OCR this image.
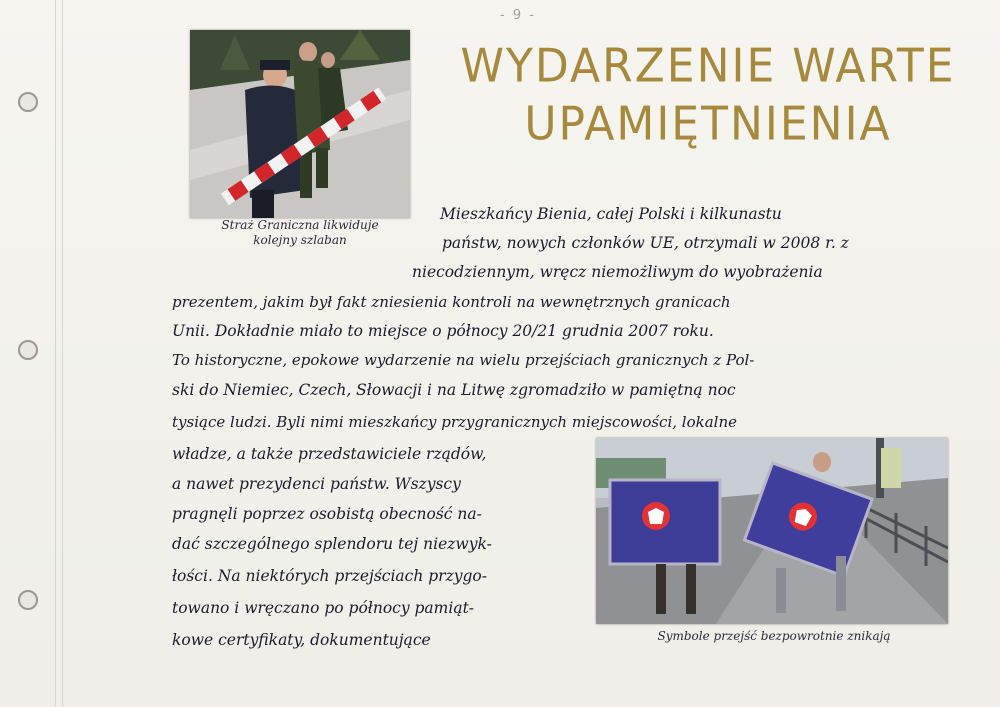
- 9 -
WYDARZENIE WARTE
UPAMIĘTNIENIA
Straż Graniczna likwiduje
kolejny szlaban
Symbole przejść bezpowrotnie znikają
Mieszkańcy Bienia, całej Polski i kilkunastu
państw, nowych członków UE, otrzymali w 2008 r. z
niecodziennym, wręcz niemożliwym do wyobrażenia
prezentem, jakim był fakt zniesienia kontroli na wewnętrznych granicach
Unii. Dokładnie miało to miejsce o północy 20/21 grudnia 2007 roku.
To historyczne, epokowe wydarzenie na wielu przejściach granicznych z Pol-
ski do Niemiec, Czech, Słowacji i na Litwę zgromadziło w pamiętną noc
tysiące ludzi. Byli nimi mieszkańcy przygranicznych miejscowości, lokalne
władze, a także przedstawiciele rządów,
a nawet prezydenci państw. Wszyscy
pragnęli poprzez osobistą obecność na-
dać szczególnego splendoru tej niezwyk-
łości. Na niektórych przejściach przygo-
towano i wręczano po północy pamiąt-
kowe certyfikaty, dokumentujące
